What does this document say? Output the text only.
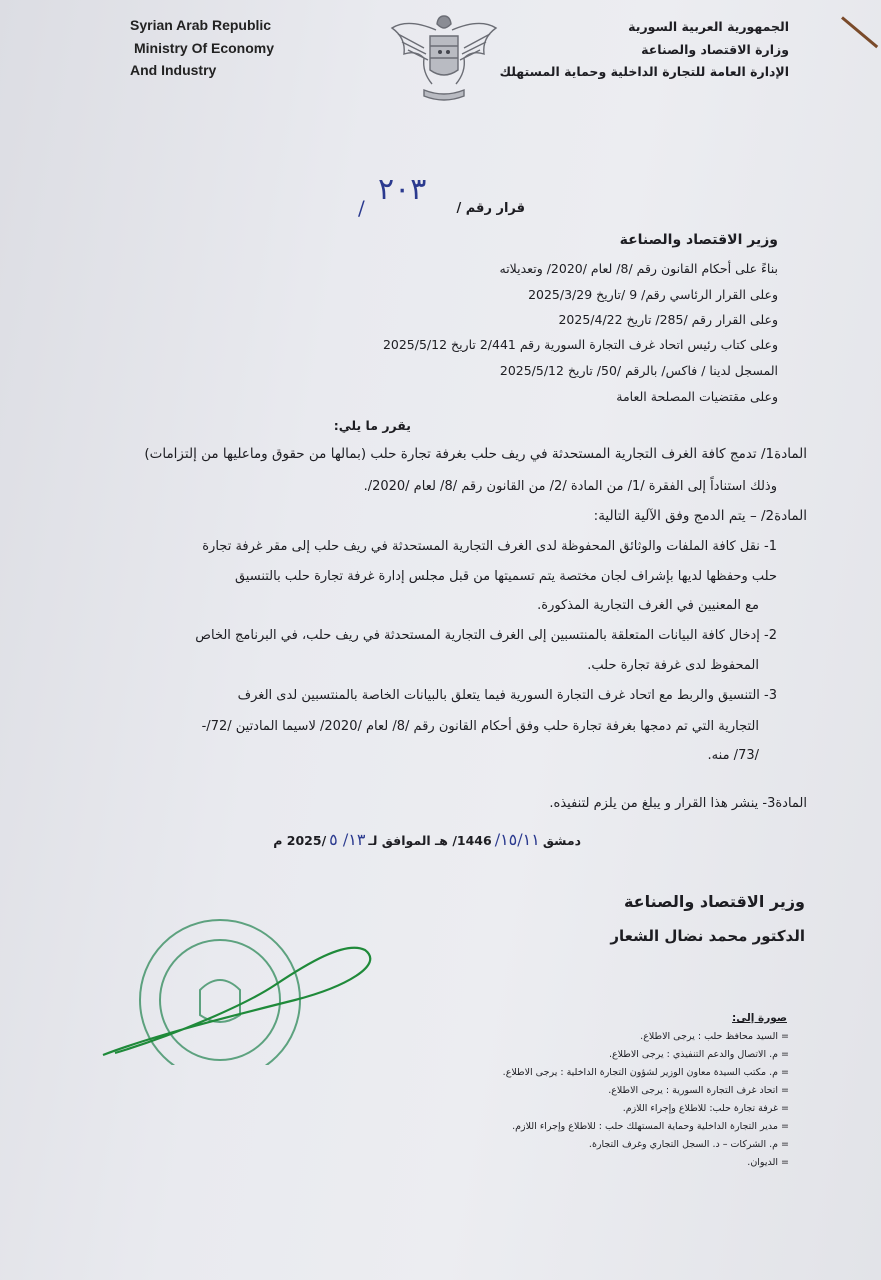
Syrian Arab Republic
Ministry Of Economy
And Industry
الجمهورية العربية السورية
وزارة الاقتصاد والصناعة
الإدارة العامة للتجارة الداخلية وحماية المستهلك
قرار رقم /
٢٠٣
/
وزير الاقتصاد والصناعة
بناءً على أحكام القانون رقم /8/ لعام /2020/ وتعديلاته
وعلى القرار الرئاسي رقم/ 9 /تاريخ 2025/3/29
وعلى القرار رقم /285/ تاريخ 2025/4/22
وعلى كتاب رئيس اتحاد غرف التجارة السورية رقم 2/441 تاريخ 2025/5/12
المسجل لدينا / فاكس/ بالرقم /50/ تاريخ 2025/5/12
وعلى مقتضيات المصلحة العامة
يقرر ما يلي:
المادة1/ تدمج كافة الغرف التجارية المستحدثة في ريف حلب بغرفة تجارة حلب (بمالها من حقوق وماعليها من إلتزامات)
وذلك استناداً إلى الفقرة /1/ من المادة /2/ من القانون رقم /8/ لعام /2020/.
المادة2/ – يتم الدمج وفق الآلية التالية:
1- نقل كافة الملفات والوثائق المحفوظة لدى الغرف التجارية المستحدثة في ريف حلب إلى مقر غرفة تجارة
حلب وحفظها لديها بإشراف لجان مختصة يتم تسميتها من قبل مجلس إدارة غرفة تجارة حلب بالتنسيق
مع المعنيين في الغرف التجارية المذكورة.
2- إدخال كافة البيانات المتعلقة بالمنتسبين إلى الغرف التجارية المستحدثة في ريف حلب، في البرنامج الخاص
المحفوظ لدى غرفة تجارة حلب.
3- التنسيق والربط مع اتحاد غرف التجارة السورية فيما يتعلق بالبيانات الخاصة بالمنتسبين لدى الغرف
التجارية التي تم دمجها بغرفة تجارة حلب وفق أحكام القانون رقم /8/ لعام /2020/ لاسيما المادتين /72/-
/73/ منه.
المادة3- ينشر هذا القرار و يبلغ من يلزم لتنفيذه.
دمشق
١٥/١١/
1446/ هـ الموافق لـ
١٣/ ٥
/2025 م
وزير الاقتصاد والصناعة
الدكتور محمد نضال الشعار
صورة إلى:
= السيد محافظ حلب : يرجى الاطلاع.
= م. الاتصال والدعم التنفيذي : يرجى الاطلاع.
= م. مكتب السيدة معاون الوزير لشؤون التجارة الداخلية : يرجى الاطلاع.
= اتحاد غرف التجارة السورية : يرجى الاطلاع.
= غرفة تجارة حلب: للاطلاع وإجراء اللازم.
= مدير التجارة الداخلية وحماية المستهلك حلب : للاطلاع وإجراء اللازم.
= م. الشركات – د. السجل التجاري وغرف التجارة.
= الديوان.
